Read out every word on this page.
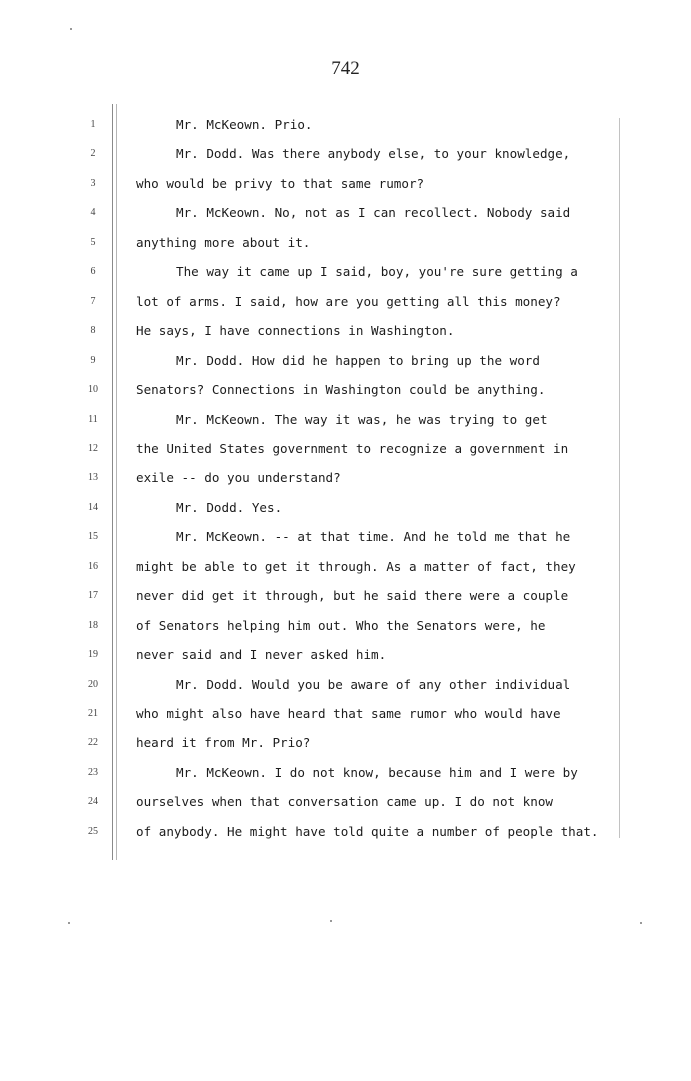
742
1	Mr. McKeown. Prio.
2	Mr. Dodd. Was there anybody else, to your knowledge,
3	who would be privy to that same rumor?
4	Mr. McKeown. No, not as I can recollect. Nobody said
5	anything more about it.
6	The way it came up I said, boy, you're sure getting a
7	lot of arms. I said, how are you getting all this money?
8	He says, I have connections in Washington.
9	Mr. Dodd. How did he happen to bring up the word
10	Senators? Connections in Washington could be anything.
11	Mr. McKeown. The way it was, he was trying to get
12	the United States government to recognize a government in
13	exile -- do you understand?
14	Mr. Dodd. Yes.
15	Mr. McKeown. -- at that time. And he told me that he
16	might be able to get it through. As a matter of fact, they
17	never did get it through, but he said there were a couple
18	of Senators helping him out. Who the Senators were, he
19	never said and I never asked him.
20	Mr. Dodd. Would you be aware of any other individual
21	who might also have heard that same rumor who would have
22	heard it from Mr. Prio?
23	Mr. McKeown. I do not know, because him and I were by
24	ourselves when that conversation came up. I do not know
25	of anybody. He might have told quite a number of people that.
